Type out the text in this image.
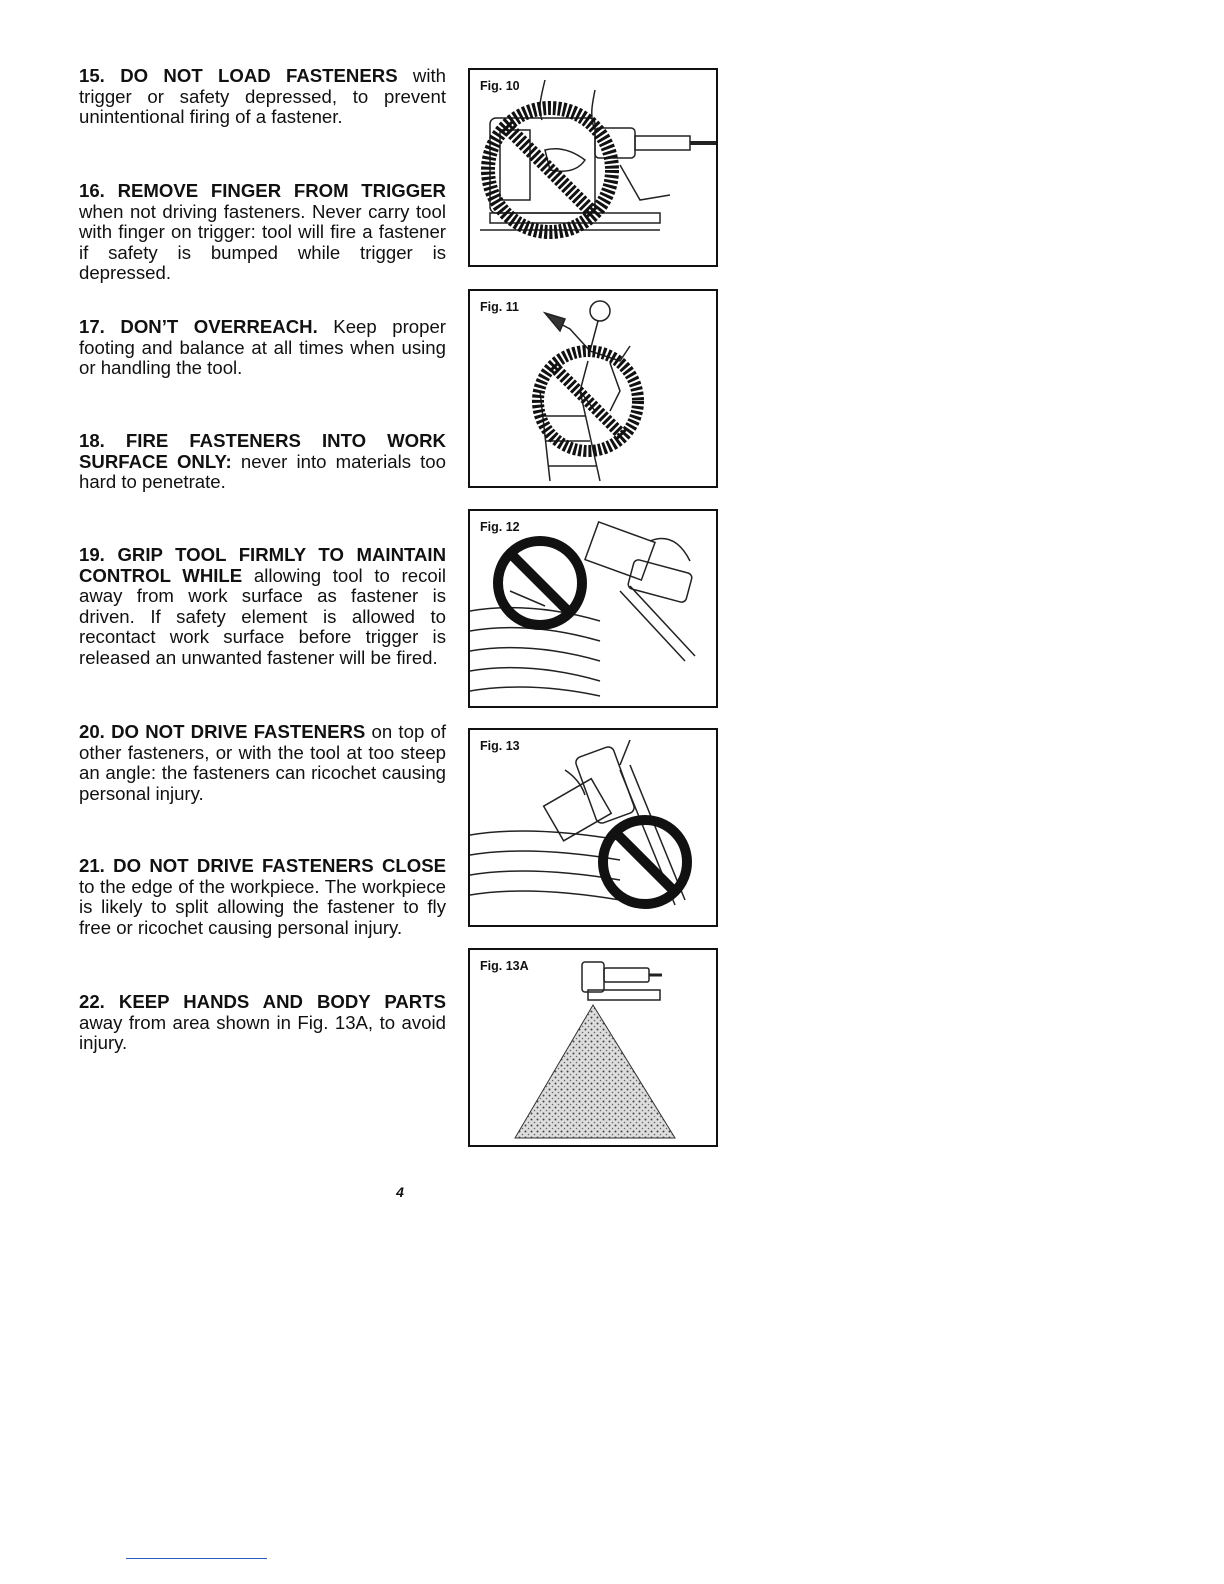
15. DO NOT LOAD FASTENERS with trigger or safety depressed, to prevent unintentional firing of a fastener.
16. REMOVE FINGER FROM TRIGGER when not driving fasteners. Never carry tool with finger on trigger: tool will fire a fastener if safety is bumped while trigger is depressed.
17. DON’T OVERREACH. Keep proper footing and balance at all times when using or handling the tool.
18. FIRE FASTENERS INTO WORK SURFACE ONLY: never into materials too hard to penetrate.
19. GRIP TOOL FIRMLY TO MAINTAIN CONTROL WHILE allowing tool to recoil away from work surface as fastener is driven. If safety element is allowed to recontact work surface before trigger is released an unwanted fastener will be fired.
20. DO NOT DRIVE FASTENERS on top of other fasteners, or with the tool at too steep an angle: the fasteners can ricochet causing personal injury.
21. DO NOT DRIVE FASTENERS CLOSE to the edge of the workpiece. The workpiece is likely to split allowing the fastener to fly free or ricochet causing personal injury.
22. KEEP HANDS AND BODY PARTS away from area shown in Fig. 13A, to avoid injury.
Fig. 10
Fig. 11
Fig. 12
Fig. 13
Fig. 13A
4
